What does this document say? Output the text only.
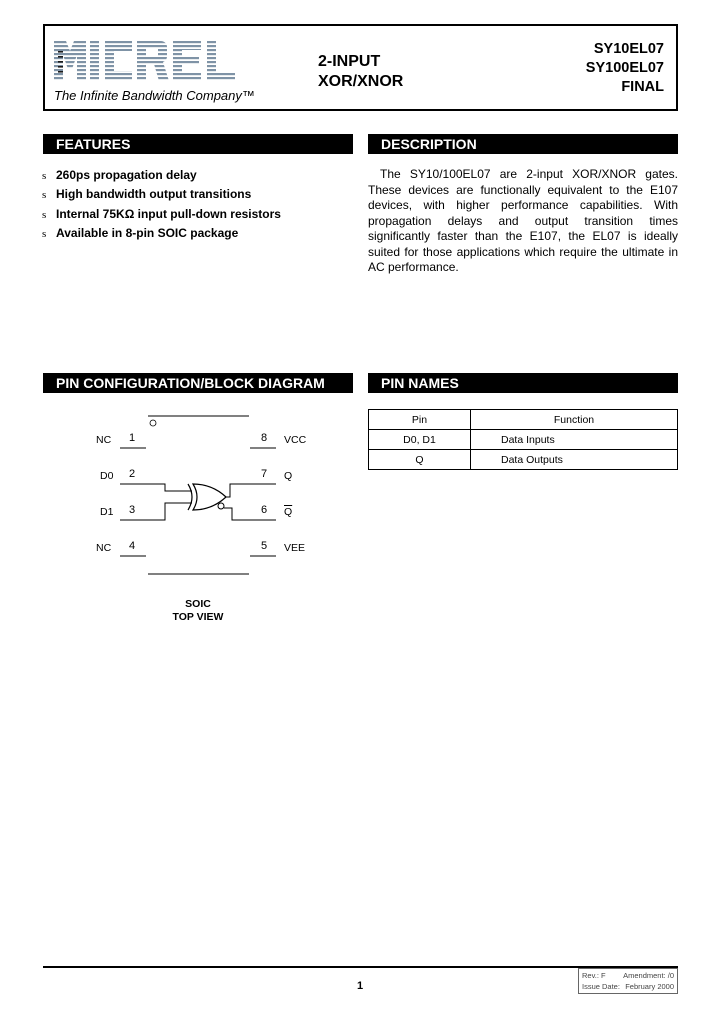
The Infinite Bandwidth Company™
2-INPUT
XOR/XNOR
SY10EL07
SY100EL07
FINAL
FEATURES
s 260ps propagation delay
s High bandwidth output transitions
s Internal 75KΩ input pull-down resistors
s Available in 8-pin SOIC package
DESCRIPTION

The SY10/100EL07 are 2-input XOR/XNOR gates. These devices are functionally equivalent to the E107 devices, with higher performance capabilities. With propagation delays and output transition times significantly faster than the E107, the EL07 is ideally suited for those applications which require the ultimate in AC performance.

PIN CONFIGURATION/BLOCK DIAGRAM
NC	1
D0	2
D1	3
NC	4
8	VCC
7	Q
6	$\overline{Q}$
5	VEE
SOIC
TOP VIEW
PIN NAMES
Pin	Function
D0, D1	Data Inputs
Q	Data Outputs
1
Rev.: F Amendment: /0
Issue Date: February 2000
